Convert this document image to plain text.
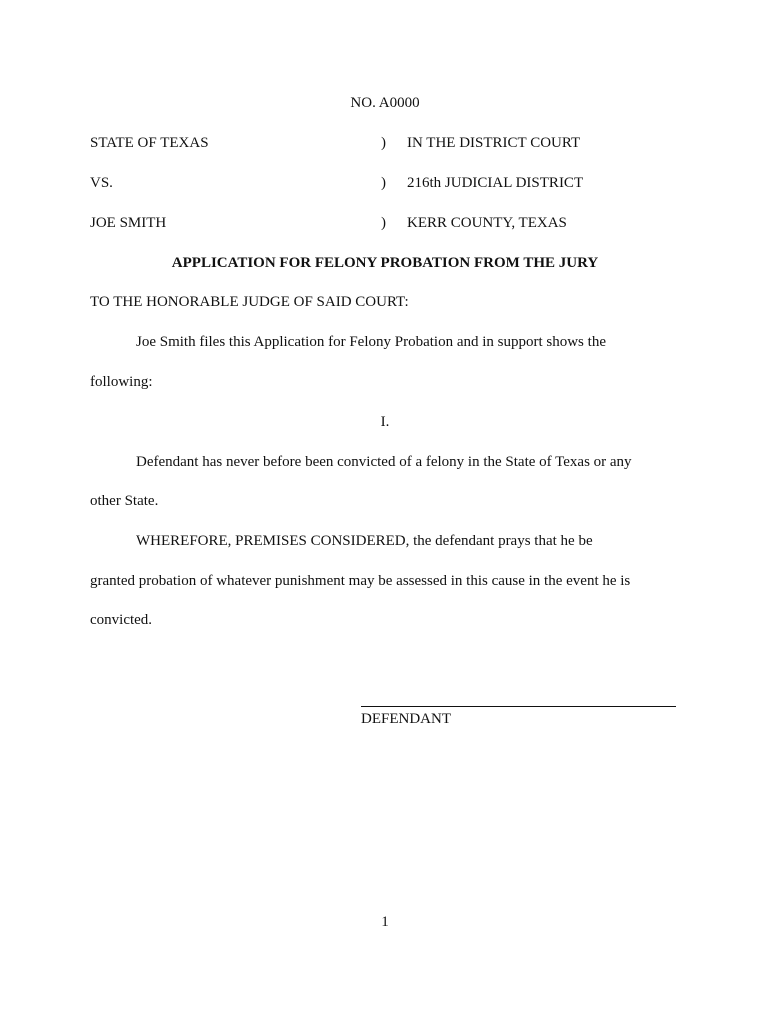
NO. A0000
STATE OF TEXAS	) IN THE DISTRICT COURT
VS.	) 216th JUDICIAL DISTRICT
JOE SMITH	) KERR COUNTY, TEXAS
APPLICATION FOR FELONY PROBATION FROM THE JURY
TO THE HONORABLE JUDGE OF SAID COURT:
Joe Smith files this Application for Felony Probation and in support shows the
following:
I.
Defendant has never before been convicted of a felony in the State of Texas or any
other State.
WHEREFORE, PREMISES CONSIDERED, the defendant prays that he be
granted probation of whatever punishment may be assessed in this cause in the event he is
convicted.
DEFENDANT
1
